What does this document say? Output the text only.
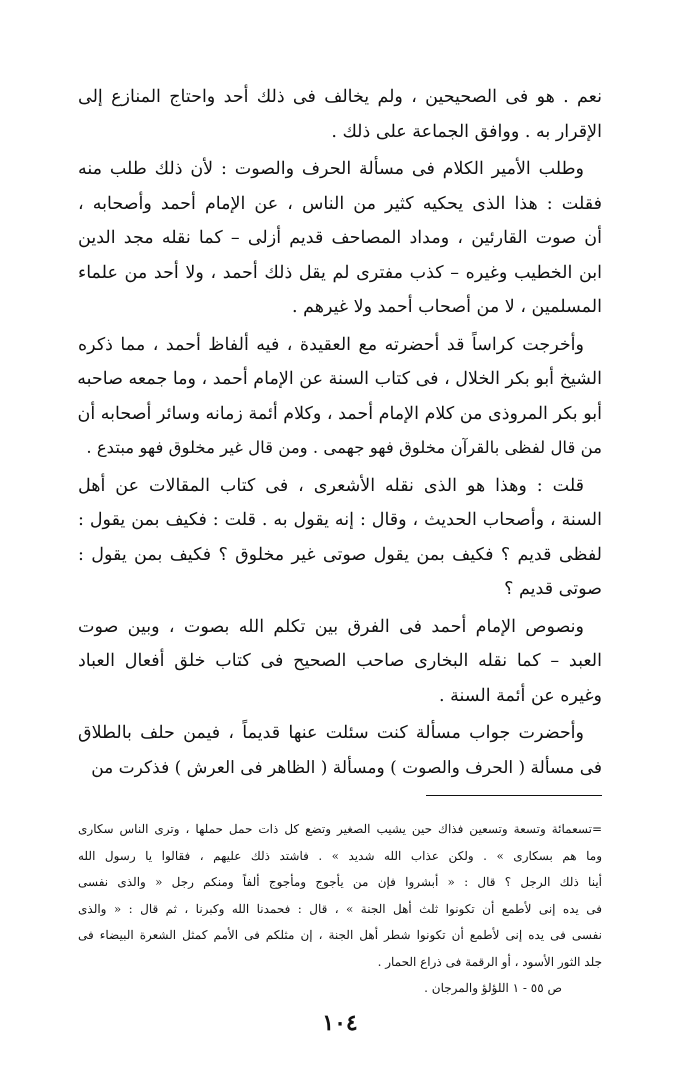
نعم . هو فى الصحيحين ، ولم يخالف فى ذلك أحد واحتاج المنازع إلى
الإقرار به . ووافق الجماعة على ذلك .
وطلب الأمير الكلام فى مسألة الحرف والصوت : لأن ذلك طلب منه
فقلت : هذا الذى يحكيه كثير من الناس ، عن الإمام أحمد وأصحابه ،
أن صوت القارئين ، ومداد المصاحف قديم أزلى – كما نقله مجد الدين
ابن الخطيب وغيره – كذب مفترى لم يقل ذلك أحمد ، ولا أحد من علماء
المسلمين ، لا من أصحاب أحمد ولا غيرهم .
وأخرجت كراساً قد أحضرته مع العقيدة ، فيه ألفاظ أحمد ، مما ذكره
الشيخ أبو بكر الخلال ، فى كتاب السنة عن الإمام أحمد ، وما جمعه صاحبه
أبو بكر المروذى من كلام الإمام أحمد ، وكلام أئمة زمانه وسائر أصحابه أن
من قال لفظى بالقرآن مخلوق فهو جهمى . ومن قال غير مخلوق فهو مبتدع .
قلت : وهذا هو الذى نقله الأشعرى ، فى كتاب المقالات عن أهل
السنة ، وأصحاب الحديث ، وقال : إنه يقول به . قلت : فكيف بمن يقول :
لفظى قديم ؟ فكيف بمن يقول صوتى غير مخلوق ؟ فكيف بمن يقول :
صوتى قديم ؟
ونصوص الإمام أحمد فى الفرق بين تكلم الله بصوت ، وبين صوت
العبد – كما نقله البخارى صاحب الصحيح فى كتاب خلق أفعال العباد
وغيره عن أئمة السنة .
وأحضرت جواب مسألة كنت سئلت عنها قديماً ، فيمن حلف بالطلاق
فى مسألة ( الحرف والصوت ) ومسألة ( الظاهر فى العرش ) فذكرت من
=تسعمائة وتسعة وتسعين فذاك حين يشيب الصغير وتضع كل ذات حمل حملها ، وترى الناس سكارى
وما هم بسكارى » . ولكن عذاب الله شديد » . فاشتد ذلك عليهم ، فقالوا يا رسول الله
أينا ذلك الرجل ؟ قال : « أبشروا فإن من يأجوج ومأجوج ألفاً ومنكم رجل « والذى نفسى
فى يده إنى لأطمع أن تكونوا ثلث أهل الجنة » ، قال : فحمدنا الله وكبرنا ، ثم قال : « والذى
نفسى فى يده إنى لأطمع أن تكونوا شطر أهل الجنة ، إن مثلكم فى الأمم كمثل الشعرة البيضاء فى
جلد الثور الأسود ، أو الرقمة فى ذراع الحمار .
ص ٥٥ - ١ اللؤلؤ والمرجان .
١٠٤
